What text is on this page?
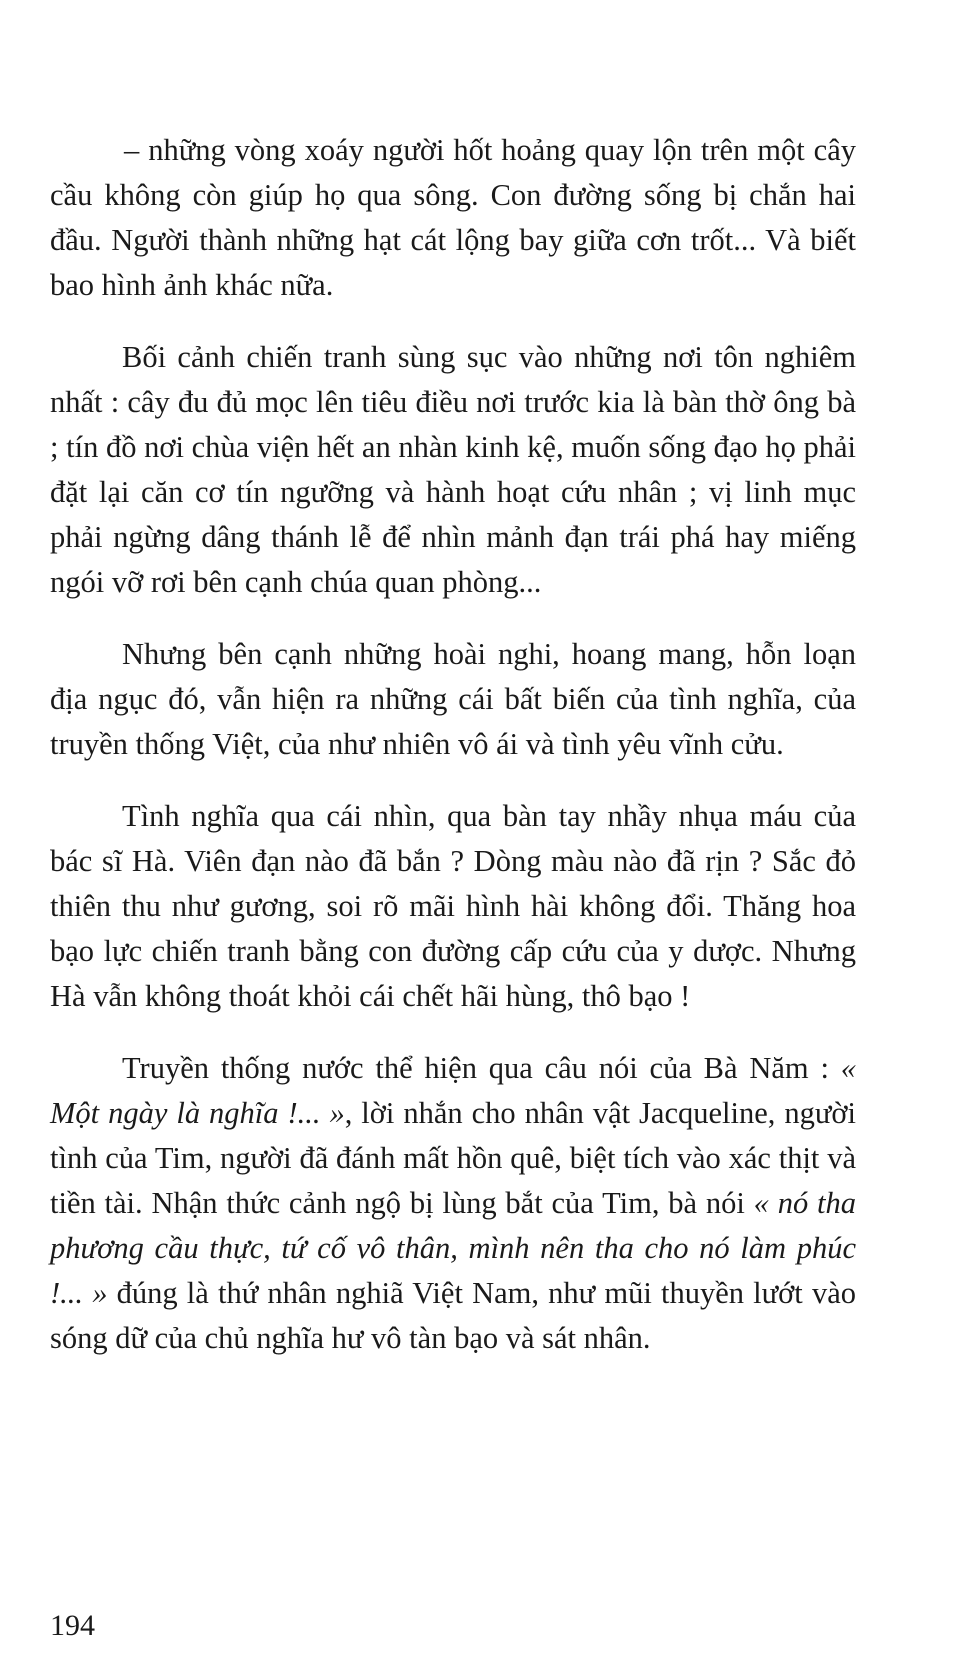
– những vòng xoáy người hốt hoảng quay lộn trên một cây cầu không còn giúp họ qua sông. Con đường sống bị chắn hai đầu. Người thành những hạt cát lộng bay giữa cơn trốt... Và biết bao hình ảnh khác nữa.

Bối cảnh chiến tranh sùng sục vào những nơi tôn nghiêm nhất : cây đu đủ mọc lên tiêu điều nơi trước kia là bàn thờ ông bà ; tín đồ nơi chùa viện hết an nhàn kinh kệ, muốn sống đạo họ phải đặt lại căn cơ tín ngưỡng và hành hoạt cứu nhân ; vị linh mục phải ngừng dâng thánh lễ để nhìn mảnh đạn trái phá hay miếng ngói vỡ rơi bên cạnh chúa quan phòng...

Nhưng bên cạnh những hoài nghi, hoang mang, hỗn loạn địa ngục đó, vẫn hiện ra những cái bất biến của tình nghĩa, của truyền thống Việt, của như nhiên vô ái và tình yêu vĩnh cửu.

Tình nghĩa qua cái nhìn, qua bàn tay nhầy nhụa máu của bác sĩ Hà. Viên đạn nào đã bắn ? Dòng màu nào đã rịn ? Sắc đỏ thiên thu như gương, soi rõ mãi hình hài không đổi. Thăng hoa bạo lực chiến tranh bằng con đường cấp cứu của y dược. Nhưng Hà vẫn không thoát khỏi cái chết hãi hùng, thô bạo !

Truyền thống nước thể hiện qua câu nói của Bà Năm : « Một ngày là nghĩa !... », lời nhắn cho nhân vật Jacqueline, người tình của Tim, người đã đánh mất hồn quê, biệt tích vào xác thịt và tiền tài. Nhận thức cảnh ngộ bị lùng bắt của Tim, bà nói « nó tha phương cầu thực, tứ cố vô thân, mình nên tha cho nó làm phúc !... » đúng là thứ nhân nghiã Việt Nam, như mũi thuyền lướt vào sóng dữ của chủ nghĩa hư vô tàn bạo và sát nhân.

194
